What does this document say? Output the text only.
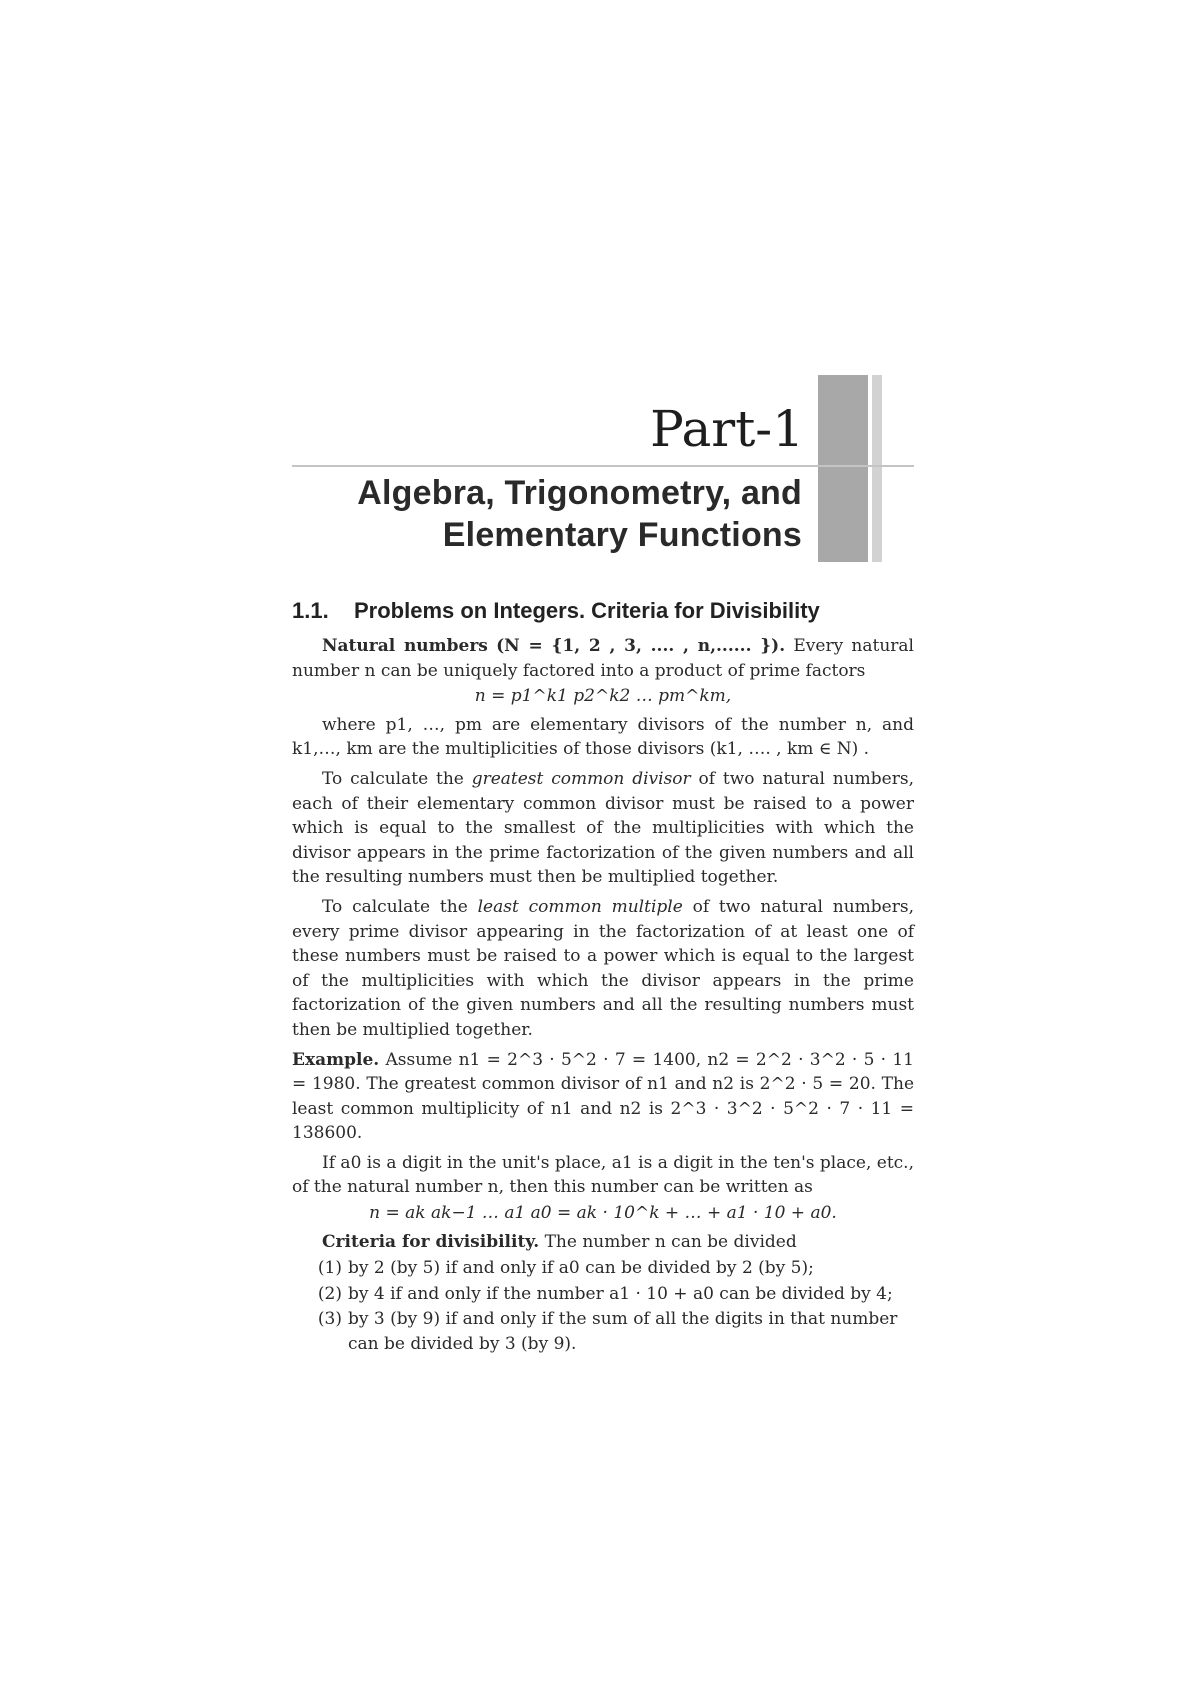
Part-1
Algebra, Trigonometry, and
Elementary Functions
1.1. Problems on Integers. Criteria for Divisibility

Natural numbers (N = {1, 2 , 3, .... , n,...... }). Every natural number n can be uniquely factored into a product of prime factors

n = p1^k1 p2^k2 … pm^km,

where p1, …, pm are elementary divisors of the number n, and k1,…, km are the multiplicities of those divisors (k1, …. , km ∈ N) .

To calculate the greatest common divisor of two natural numbers, each of their elementary common divisor must be raised to a power which is equal to the smallest of the multiplicities with which the divisor appears in the prime factorization of the given numbers and all the resulting numbers must then be multiplied together.

To calculate the least common multiple of two natural numbers, every prime divisor appearing in the factorization of at least one of these numbers must be raised to a power which is equal to the largest of the multiplicities with which the divisor appears in the prime factorization of the given numbers and all the resulting numbers must then be multiplied together.

Example. Assume n1 = 2^3 · 5^2 · 7 = 1400, n2 = 2^2 · 3^2 · 5 · 11 = 1980. The greatest common divisor of n1 and n2 is 2^2 · 5 = 20. The least common multiplicity of n1 and n2 is 2^3 · 3^2 · 5^2 · 7 · 11 = 138600.

If a0 is a digit in the unit's place, a1 is a digit in the ten's place, etc., of the natural number n, then this number can be written as

n = ak ak−1 … a1 a0 = ak · 10^k + … + a1 · 10 + a0.

Criteria for divisibility. The number n can be divided

(1) by 2 (by 5) if and only if a0 can be divided by 2 (by 5);
(2) by 4 if and only if the number a1 · 10 + a0 can be divided by 4;
(3) by 3 (by 9) if and only if the sum of all the digits in that number can be divided by 3 (by 9).
